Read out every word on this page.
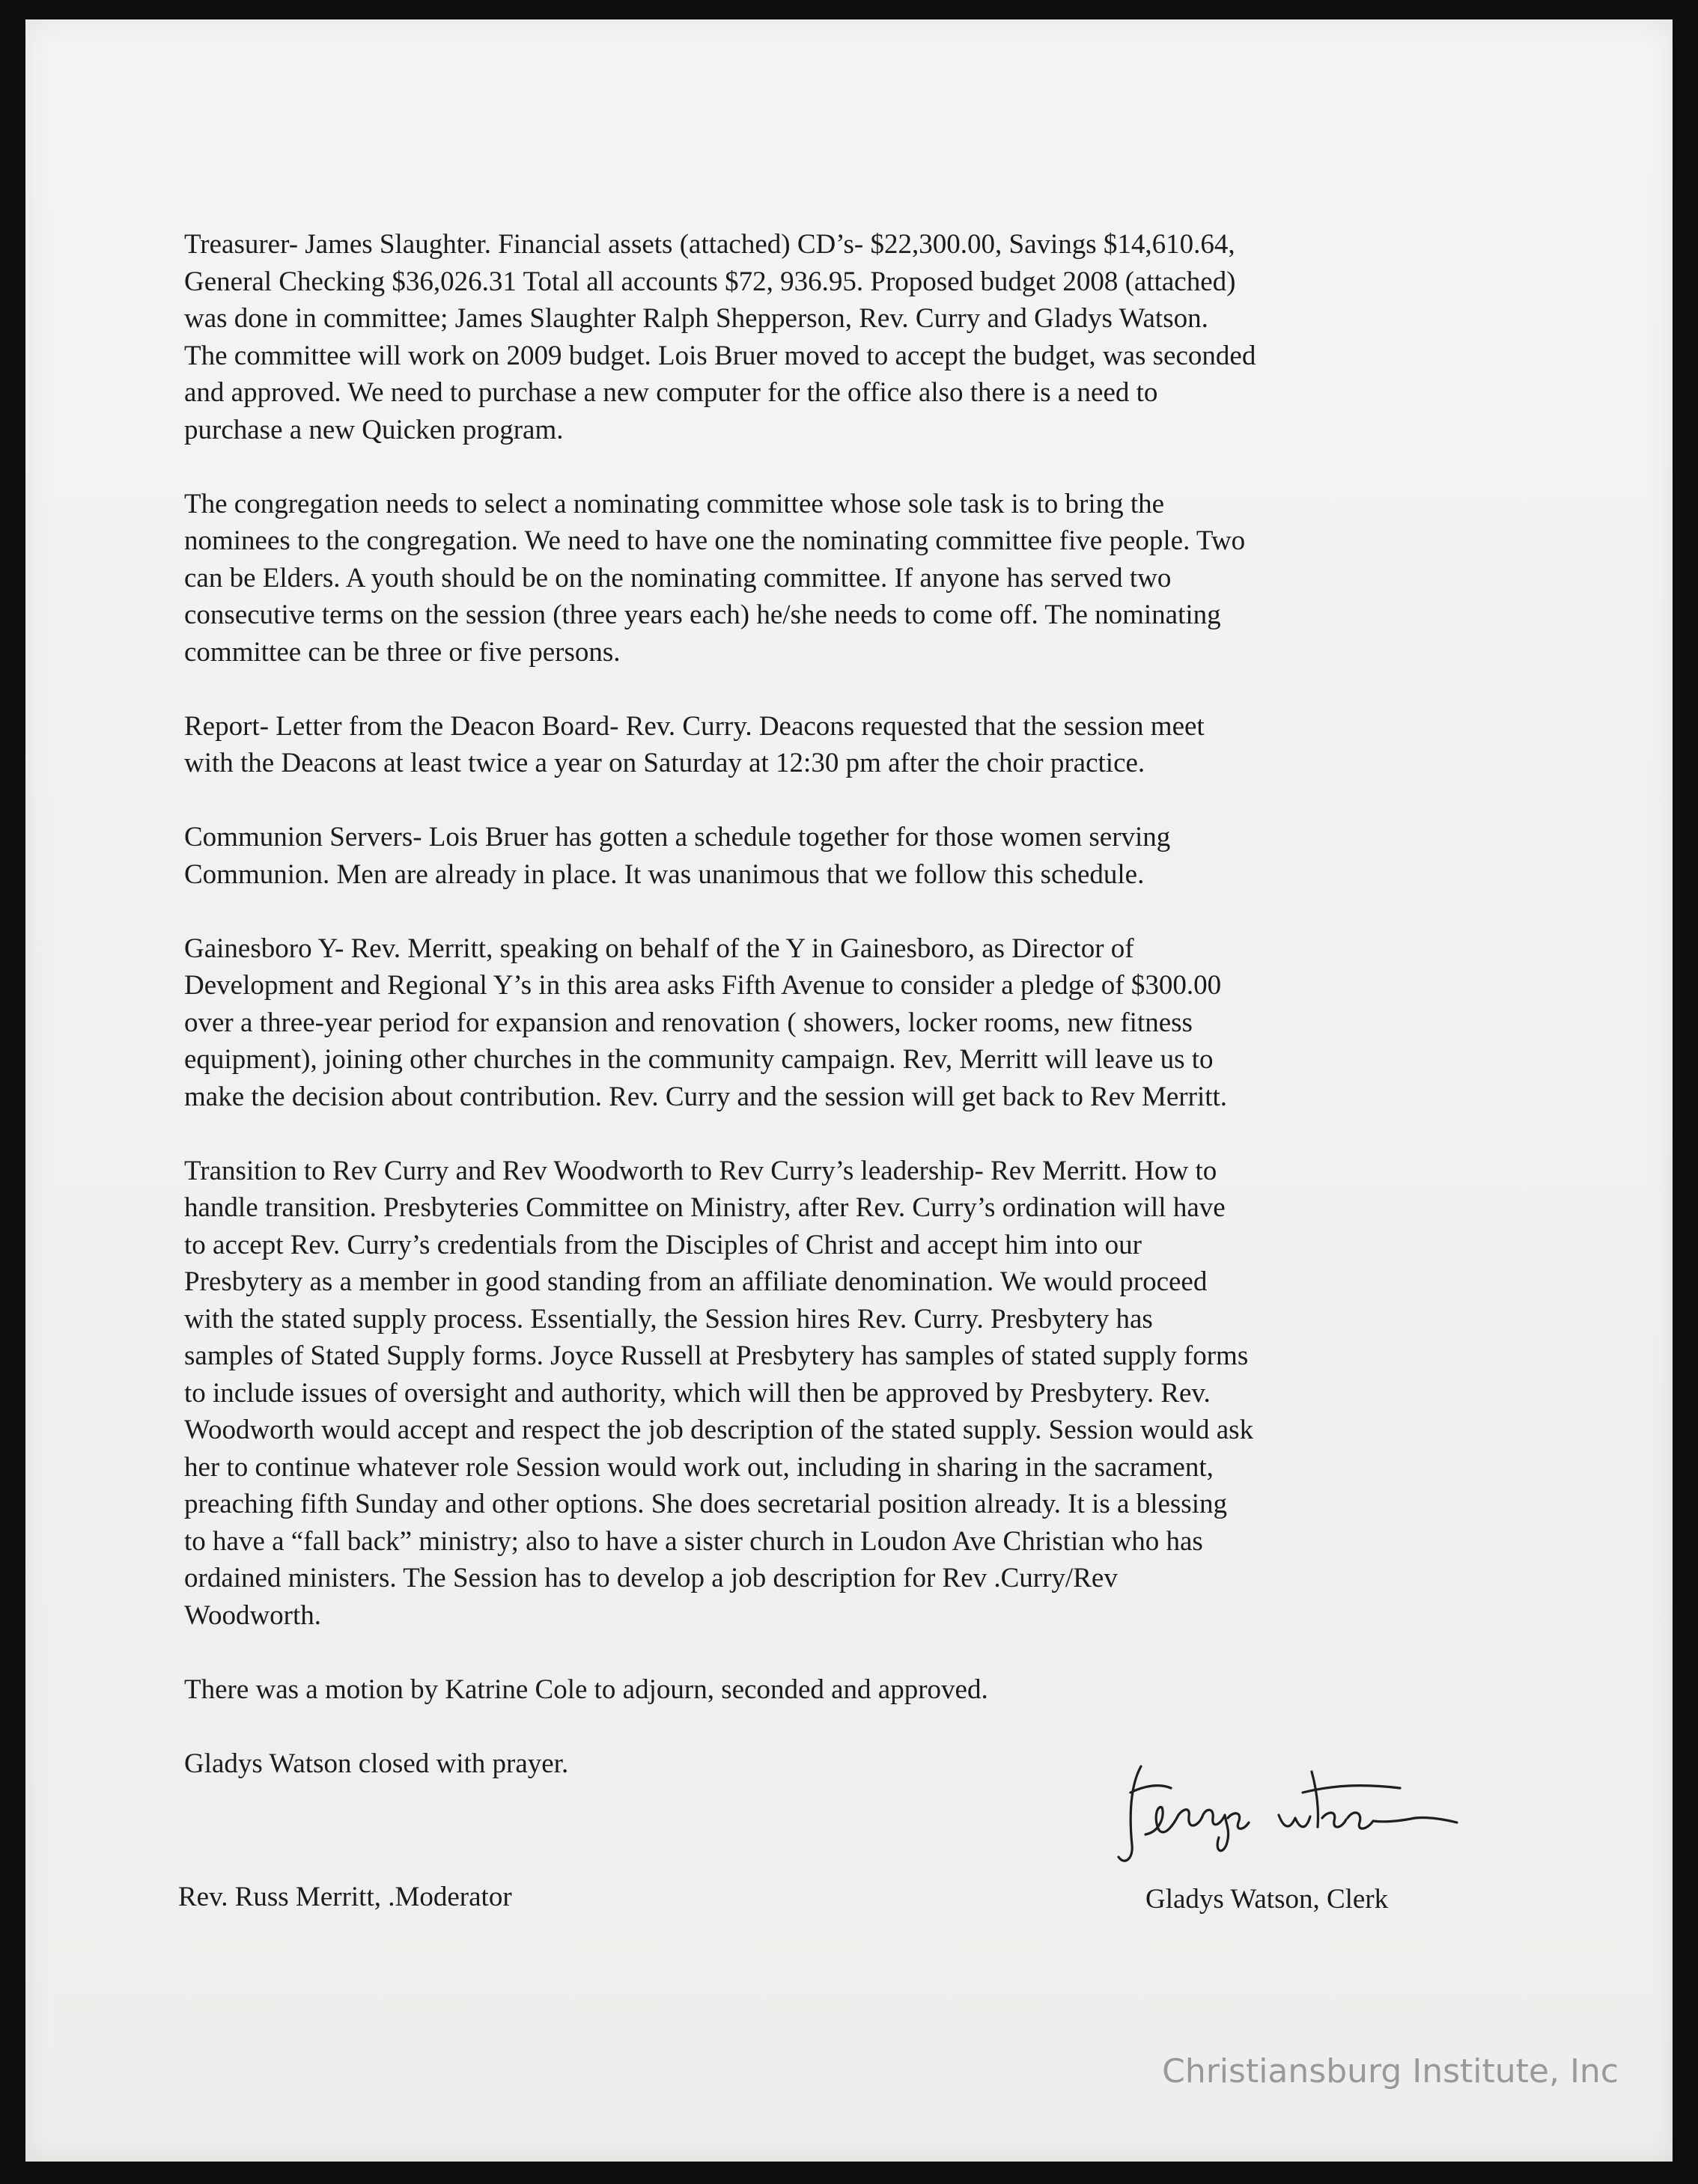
Treasurer- James Slaughter. Financial assets (attached) CD’s- $22,300.00, Savings $14,610.64,
General Checking $36,026.31 Total all accounts $72, 936.95. Proposed budget 2008 (attached)
was done in committee; James Slaughter Ralph Shepperson, Rev. Curry and Gladys Watson.
The committee will work on 2009 budget. Lois Bruer moved to accept the budget, was seconded
and approved. We need to purchase a new computer for the office also there is a need to
purchase a new Quicken program.

The congregation needs to select a nominating committee whose sole task is to bring the
nominees to the congregation. We need to have one the nominating committee five people. Two
can be Elders. A youth should be on the nominating committee. If anyone has served two
consecutive terms on the session (three years each) he/she needs to come off. The nominating
committee can be three or five persons.

Report- Letter from the Deacon Board- Rev. Curry. Deacons requested that the session meet
with the Deacons at least twice a year on Saturday at 12:30 pm after the choir practice.

Communion Servers- Lois Bruer has gotten a schedule together for those women serving
Communion. Men are already in place. It was unanimous that we follow this schedule.

Gainesboro Y- Rev. Merritt, speaking on behalf of the Y in Gainesboro, as Director of
Development and Regional Y’s in this area asks Fifth Avenue to consider a pledge of $300.00
over a three-year period for expansion and renovation ( showers, locker rooms, new fitness
equipment), joining other churches in the community campaign. Rev, Merritt will leave us to
make the decision about contribution. Rev. Curry and the session will get back to Rev Merritt.

Transition to Rev Curry and Rev Woodworth to Rev Curry’s leadership- Rev Merritt. How to
handle transition. Presbyteries Committee on Ministry, after Rev. Curry’s ordination will have
to accept Rev. Curry’s credentials from the Disciples of Christ and accept him into our
Presbytery as a member in good standing from an affiliate denomination. We would proceed
with the stated supply process. Essentially, the Session hires Rev. Curry. Presbytery has
samples of Stated Supply forms. Joyce Russell at Presbytery has samples of stated supply forms
to include issues of oversight and authority, which will then be approved by Presbytery. Rev.
Woodworth would accept and respect the job description of the stated supply. Session would ask
her to continue whatever role Session would work out, including in sharing in the sacrament,
preaching fifth Sunday and other options. She does secretarial position already. It is a blessing
to have a “fall back” ministry; also to have a sister church in Loudon Ave Christian who has
ordained ministers. The Session has to develop a job description for Rev .Curry/Rev
Woodworth.

There was a motion by Katrine Cole to adjourn, seconded and approved.

Gladys Watson closed with prayer.

Rev. Russ Merritt, .Moderator	Gladys Watson, Clerk
Christiansburg Institute, Inc
